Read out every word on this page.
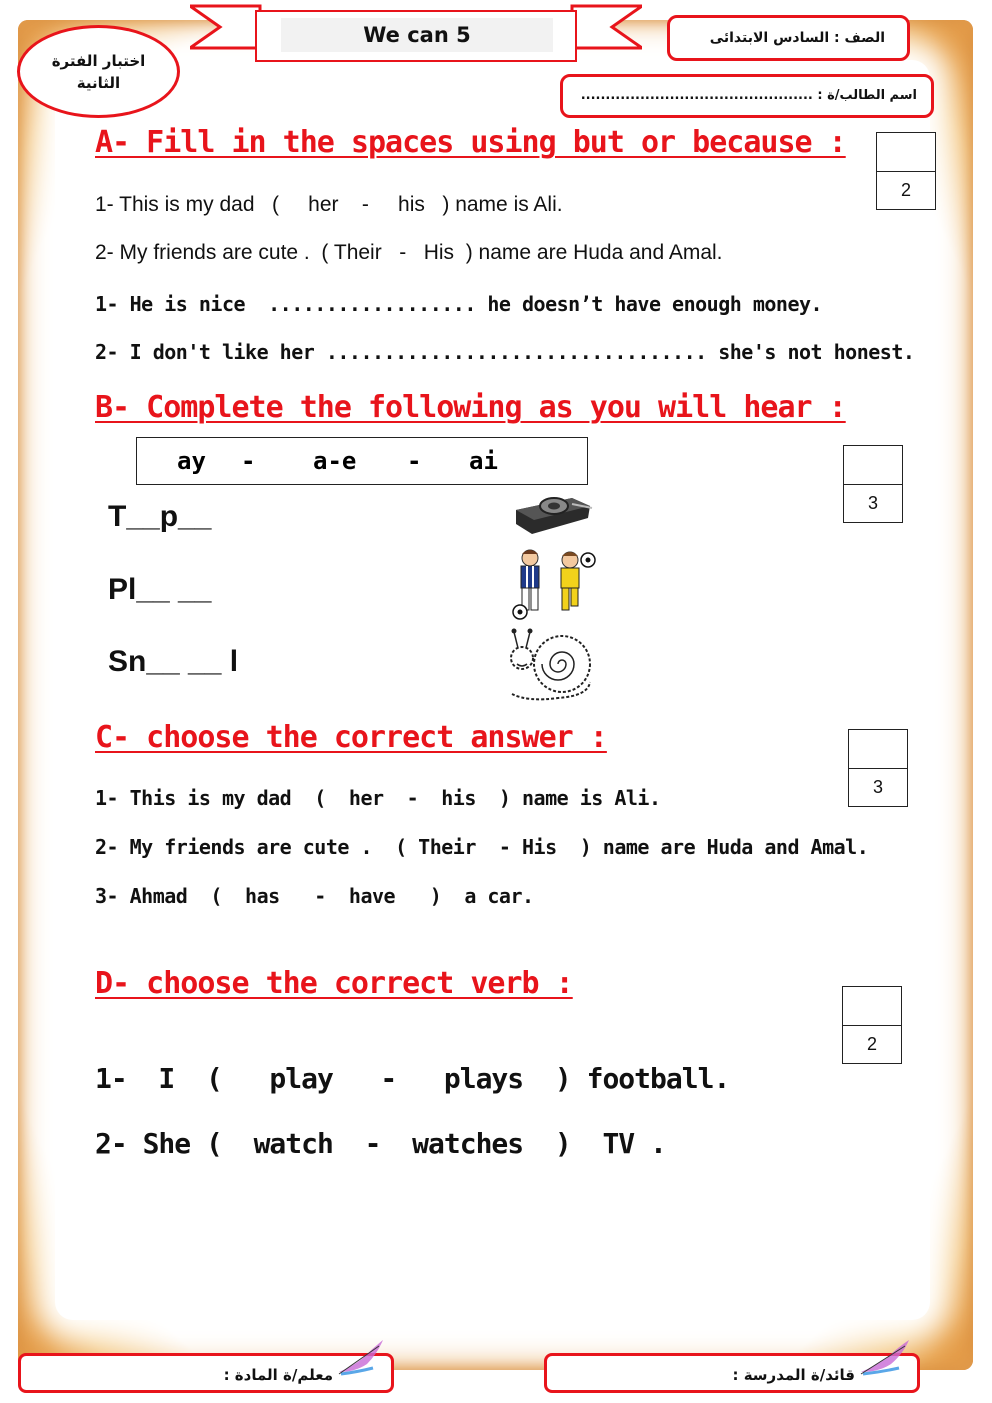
We can 5	الصف : السادس الابتدائى
اسم الطالب/ة : ...............................................
اختبار الفترة
الثانية
A- Fill in the spaces using but or because :
2
1- This is my dad   (     her    -     his   ) name is Ali.
2- My friends are cute .  ( Their   -   His  ) name are Huda and Amal.
1- He is nice  .................. he doesn’t have enough money.
2- I don't like her ................................. she's not honest.
B- Complete the following as you will hear :
3
ay - a-e - ai
T__p__
Pl__ __
Sn__ __ l
C- choose the correct answer :
3
1- This is my dad  (  her  -  his  ) name is Ali.
2- My friends are cute .  ( Their  - His  ) name are Huda and Amal.
3- Ahmad  (  has   -  have   )  a car.
D- choose the correct verb :
2
1-  I  (   play   -   plays  ) football.
2- She (  watch  -  watches  )  TV .
معلم/ة المادة :	قائد/ة المدرسة :
